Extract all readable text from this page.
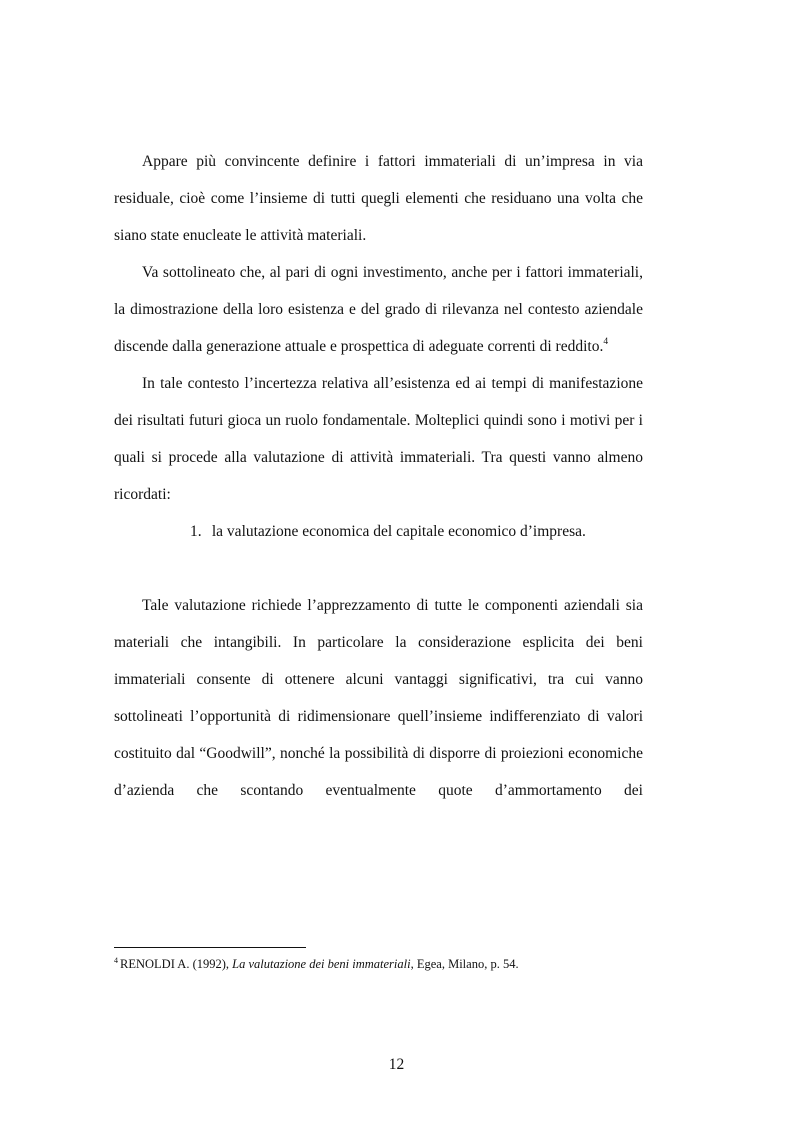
Appare più convincente definire i fattori immateriali di un’impresa in via residuale, cioè come l’insieme di tutti quegli elementi che residuano una volta che siano state enucleate le attività materiali.

Va sottolineato che, al pari di ogni investimento, anche per i fattori immateriali, la dimostrazione della loro esistenza e del grado di rilevanza nel contesto aziendale discende dalla generazione attuale e prospettica di adeguate correnti di reddito.$^4$

In tale contesto l’incertezza relativa all’esistenza ed ai tempi di manifestazione dei risultati futuri gioca un ruolo fondamentale. Molteplici quindi sono i motivi per i quali si procede alla valutazione di attività immateriali. Tra questi vanno almeno ricordati:

1. la valutazione economica del capitale economico d’impresa.

Tale valutazione richiede l’apprezzamento di tutte le componenti aziendali sia materiali che intangibili. In particolare la considerazione esplicita dei beni immateriali consente di ottenere alcuni vantaggi significativi, tra cui vanno sottolineati l’opportunità di ridimensionare quell’insieme indifferenziato di valori costituito dal “Goodwill”, nonché la possibilità di disporre di proiezioni economiche d’azienda che scontando eventualmente quote d’ammortamento dei

$^4$ RENOLDI A. (1992), La valutazione dei beni immateriali, Egea, Milano, p. 54.
12
